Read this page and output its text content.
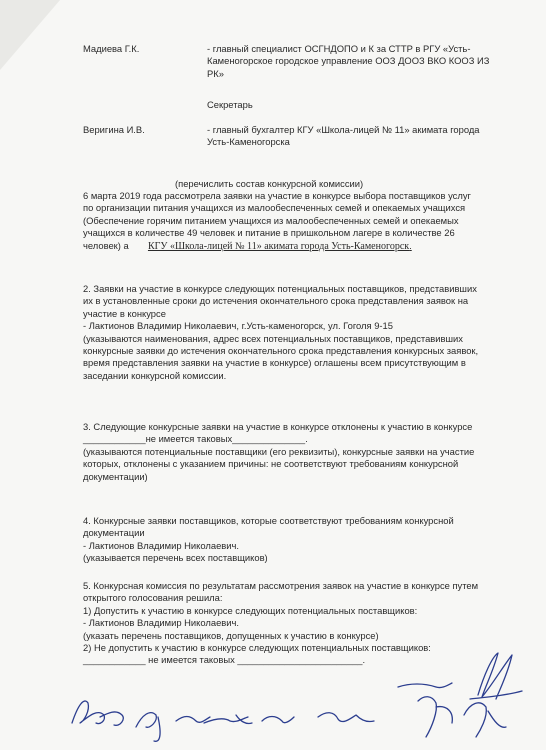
Мадиева Г.К.	- главный специалист ОСГНДОПО и К за СТТР в РГУ «Усть-
Каменогорское городское управление ООЗ ДООЗ ВКО КООЗ ИЗ
РК»
Секретарь
Веригина И.В.	- главный бухгалтер КГУ «Школа-лицей № 11» акимата города
Усть-Каменогорска
(перечислить состав конкурсной комиссии)
6 марта 2019 года рассмотрела заявки на участие в конкурсе выбора поставщиков услуг
по организации питания учащихся из малообеспеченных семей и опекаемых учащихся
(Обеспечение горячим питанием учащихся из малообеспеченных семей и опекаемых
учащихся в количестве 49 человек и питание в пришкольном лагере в количестве 26
человек) а КГУ «Школа-лицей № 11» акимата города Усть-Каменогорск.
2. Заявки на участие в конкурсе следующих потенциальных поставщиков, представивших
их в установленные сроки до истечения окончательного срока представления заявок на
участие в конкурсе
- Лактионов Владимир Николаевич, г.Усть-каменогорск, ул. Гоголя 9-15
(указываются наименования, адрес всех потенциальных поставщиков, представивших
конкурсные заявки до истечения окончательного срока представления конкурсных заявок,
время представления заявки на участие в конкурсе) оглашены всем присутствующим в
заседании конкурсной комиссии.
3. Следующие конкурсные заявки на участие в конкурсе отклонены к участию в конкурсе
____________не имеется таковых______________.
(указываются потенциальные поставщики (его реквизиты), конкурсные заявки на участие
которых, отклонены с указанием причины: не соответствуют требованиям конкурсной
документации)
4. Конкурсные заявки поставщиков, которые соответствуют требованиям конкурсной
документации
- Лактионов Владимир Николаевич.
(указывается перечень всех поставщиков)
5. Конкурсная комиссия по результатам рассмотрения заявок на участие в конкурсе путем
открытого голосования решила:
1) Допустить к участию в конкурсе следующих потенциальных поставщиков:
- Лактионов Владимир Николаевич.
(указать перечень поставщиков, допущенных к участию в конкурсе)
2) Не допустить к участию в конкурсе следующих потенциальных поставщиков:
____________ не имеется таковых ________________________.
